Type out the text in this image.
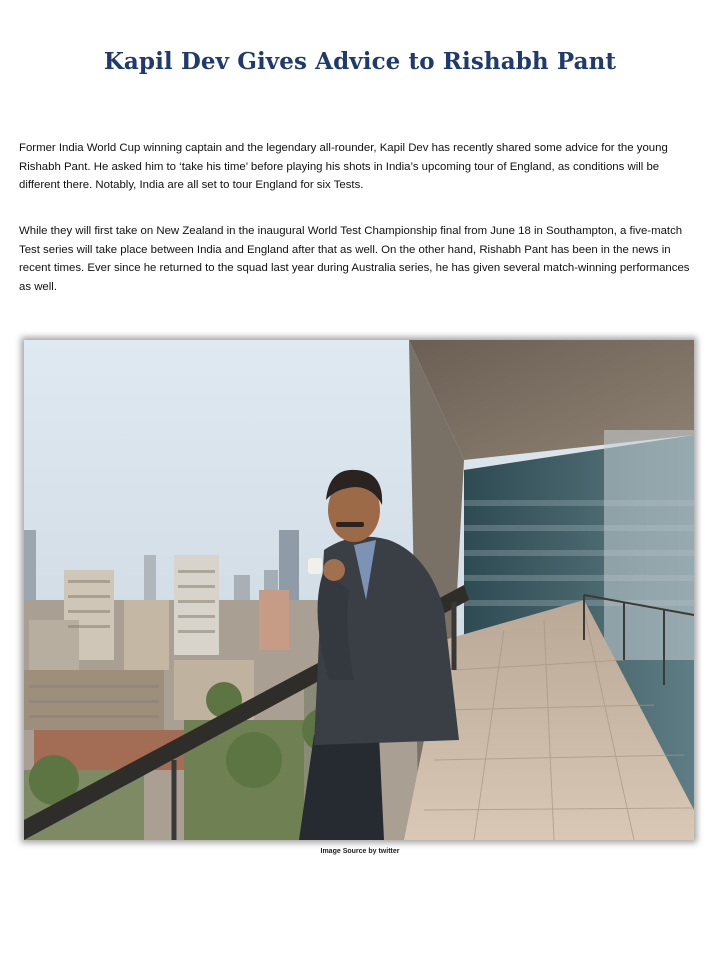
Kapil Dev Gives Advice to Rishabh Pant

Former India World Cup winning captain and the legendary all-rounder, Kapil Dev has recently shared some advice for the young Rishabh Pant. He asked him to ‘take his time’ before playing his shots in India’s upcoming tour of England, as conditions will be different there. Notably, India are all set to tour England for six Tests.

While they will first take on New Zealand in the inaugural World Test Championship final from June 18 in Southampton, a five-match Test series will take place between India and England after that as well. On the other hand, Rishabh Pant has been in the news in recent times. Ever since he returned to the squad last year during Australia series, he has given several match-winning performances as well.

Image Source by twitter
